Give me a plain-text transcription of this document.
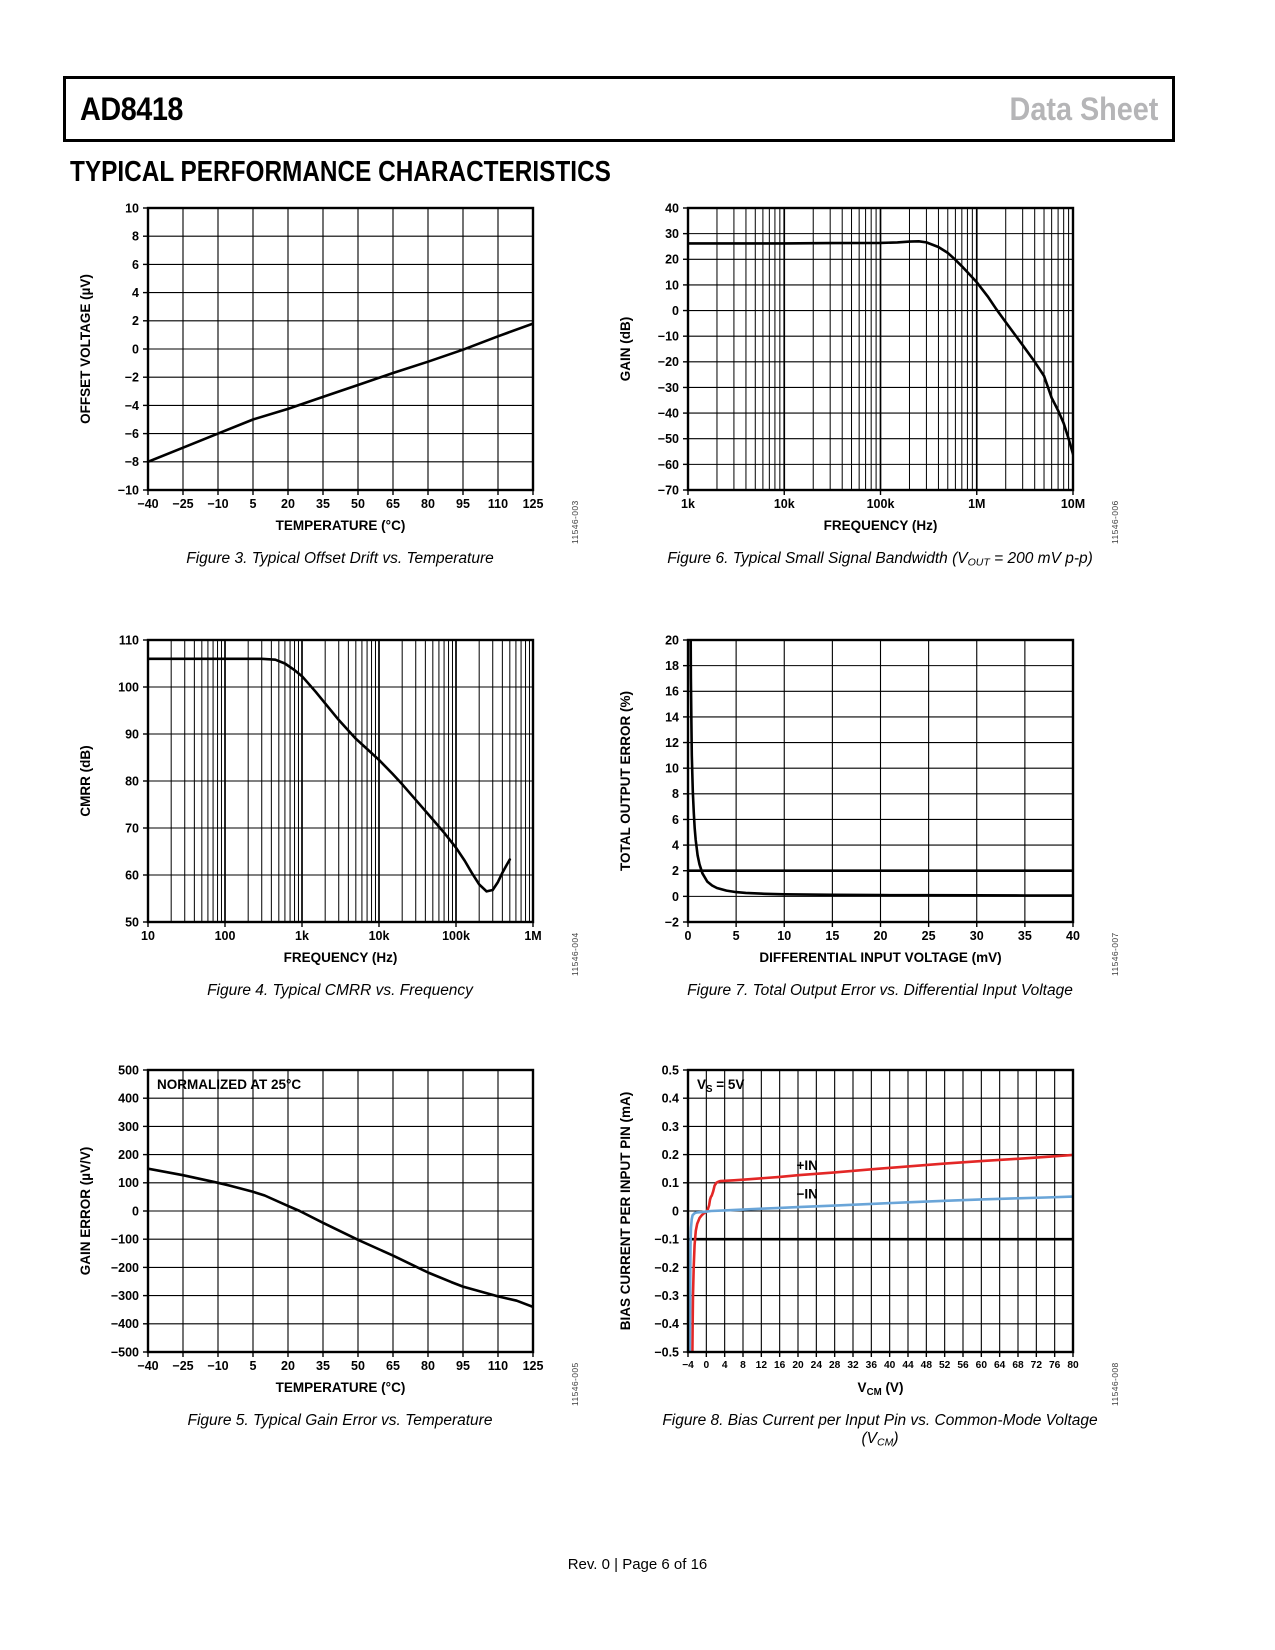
AD8418	Data Sheet
TYPICAL PERFORMANCE CHARACTERISTICS
−40 −25 −10 5 20 35 50 65 80 95 110 125
10
8
6
4
2
0
−2
−4
−6
−8
−10
TEMPERATURE (°C)
OFFSET VOLTAGE (µV)
11546-003
Figure 3. Typical Offset Drift vs. Temperature
1k	10k	100k	1M	10M
40
30
20
10
0
−10
−20
−30
−40
−50
−60
−70
FREQUENCY (Hz)
GAIN (dB)
11546-006
Figure 6. Typical Small Signal Bandwidth ($V_{OUT} = 200$ mV p-p)
10	100	1k	10k	100k	1M
110
100
90
80
70
60
50
FREQUENCY (Hz)
CMRR (dB)
11546-004
Figure 4. Typical CMRR vs. Frequency
0	5	10	15	20	25	30	35	40
20
18
16
14
12
10
8
6
4
2
0
−2
DIFFERENTIAL INPUT VOLTAGE (mV)
TOTAL OUTPUT ERROR (%)
11546-007
Figure 7. Total Output Error vs. Differential Input Voltage
−40 −25 −10 5 20 35 50 65 80 95 110 125
500
400
300
200
100
0
−100
−200
−300
−400
−500
TEMPERATURE (°C)
GAIN ERROR (µV/V)
NORMALIZED AT 25°C
11546-005
Figure 5. Typical Gain Error vs. Temperature
−4 0 4 8 12 16 20 24 28 32 36 40 44 48 52 56 60 64 68 72 76 80
0.5
0.4
0.3
0.2
0.1
0
−0.1
−0.2
−0.3
−0.4
−0.5
$V_{CM}$ (V)
BIAS CURRENT PER INPUT PIN (mA)
$V_S = 5V$
+IN
−IN
11546-008
Figure 8. Bias Current per Input Pin vs. Common-Mode Voltage $(V_{CM})$
Rev. 0 | Page 6 of 16
